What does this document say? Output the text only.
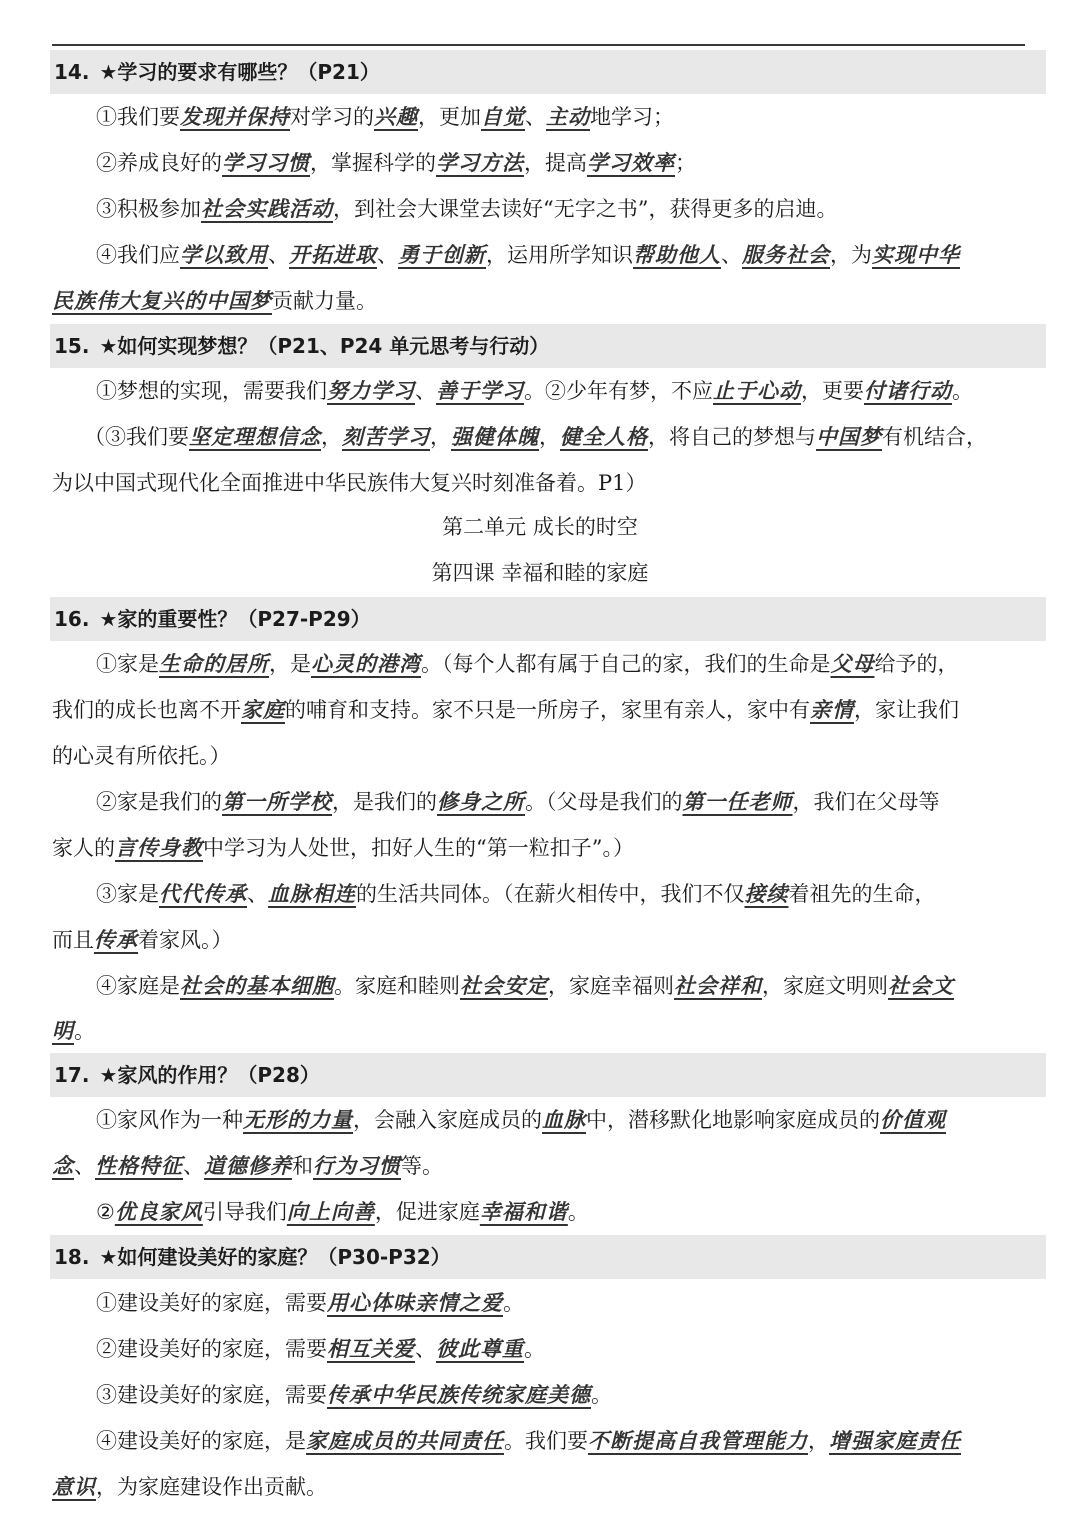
14. ★学习的要求有哪些？（P21）
①我们要发现并保持对学习的兴趣，更加自觉、主动地学习；
②养成良好的学习习惯，掌握科学的学习方法，提高学习效率；
③积极参加社会实践活动，到社会大课堂去读好“无字之书”，获得更多的启迪。
④我们应学以致用、开拓进取、勇于创新，运用所学知识帮助他人、服务社会，为实现中华
民族伟大复兴的中国梦贡献力量。
15. ★如何实现梦想？（P21、P24 单元思考与行动）
①梦想的实现，需要我们努力学习、善于学习。②少年有梦，不应止于心动，更要付诸行动。
（③我们要坚定理想信念，刻苦学习，强健体魄，健全人格，将自己的梦想与中国梦有机结合，
为以中国式现代化全面推进中华民族伟大复兴时刻准备着。P1）
第二单元 成长的时空
第四课 幸福和睦的家庭
16. ★家的重要性？（P27-P29）
①家是生命的居所，是心灵的港湾。（每个人都有属于自己的家，我们的生命是父母给予的，
我们的成长也离不开家庭的哺育和支持。家不只是一所房子，家里有亲人，家中有亲情，家让我们
的心灵有所依托。）
②家是我们的第一所学校，是我们的修身之所。（父母是我们的第一任老师，我们在父母等
家人的言传身教中学习为人处世，扣好人生的“第一粒扣子”。）
③家是代代传承、血脉相连的生活共同体。（在薪火相传中，我们不仅接续着祖先的生命，
而且传承着家风。）
④家庭是社会的基本细胞。家庭和睦则社会安定，家庭幸福则社会祥和，家庭文明则社会文
明。
17. ★家风的作用？（P28）
①家风作为一种无形的力量，会融入家庭成员的血脉中，潜移默化地影响家庭成员的价值观
念、性格特征、道德修养和行为习惯等。
②优良家风引导我们向上向善，促进家庭幸福和谐。
18. ★如何建设美好的家庭？（P30-P32）
①建设美好的家庭，需要用心体味亲情之爱。
②建设美好的家庭，需要相互关爱、彼此尊重。
③建设美好的家庭，需要传承中华民族传统家庭美德。
④建设美好的家庭，是家庭成员的共同责任。我们要不断提高自我管理能力，增强家庭责任
意识，为家庭建设作出贡献。
